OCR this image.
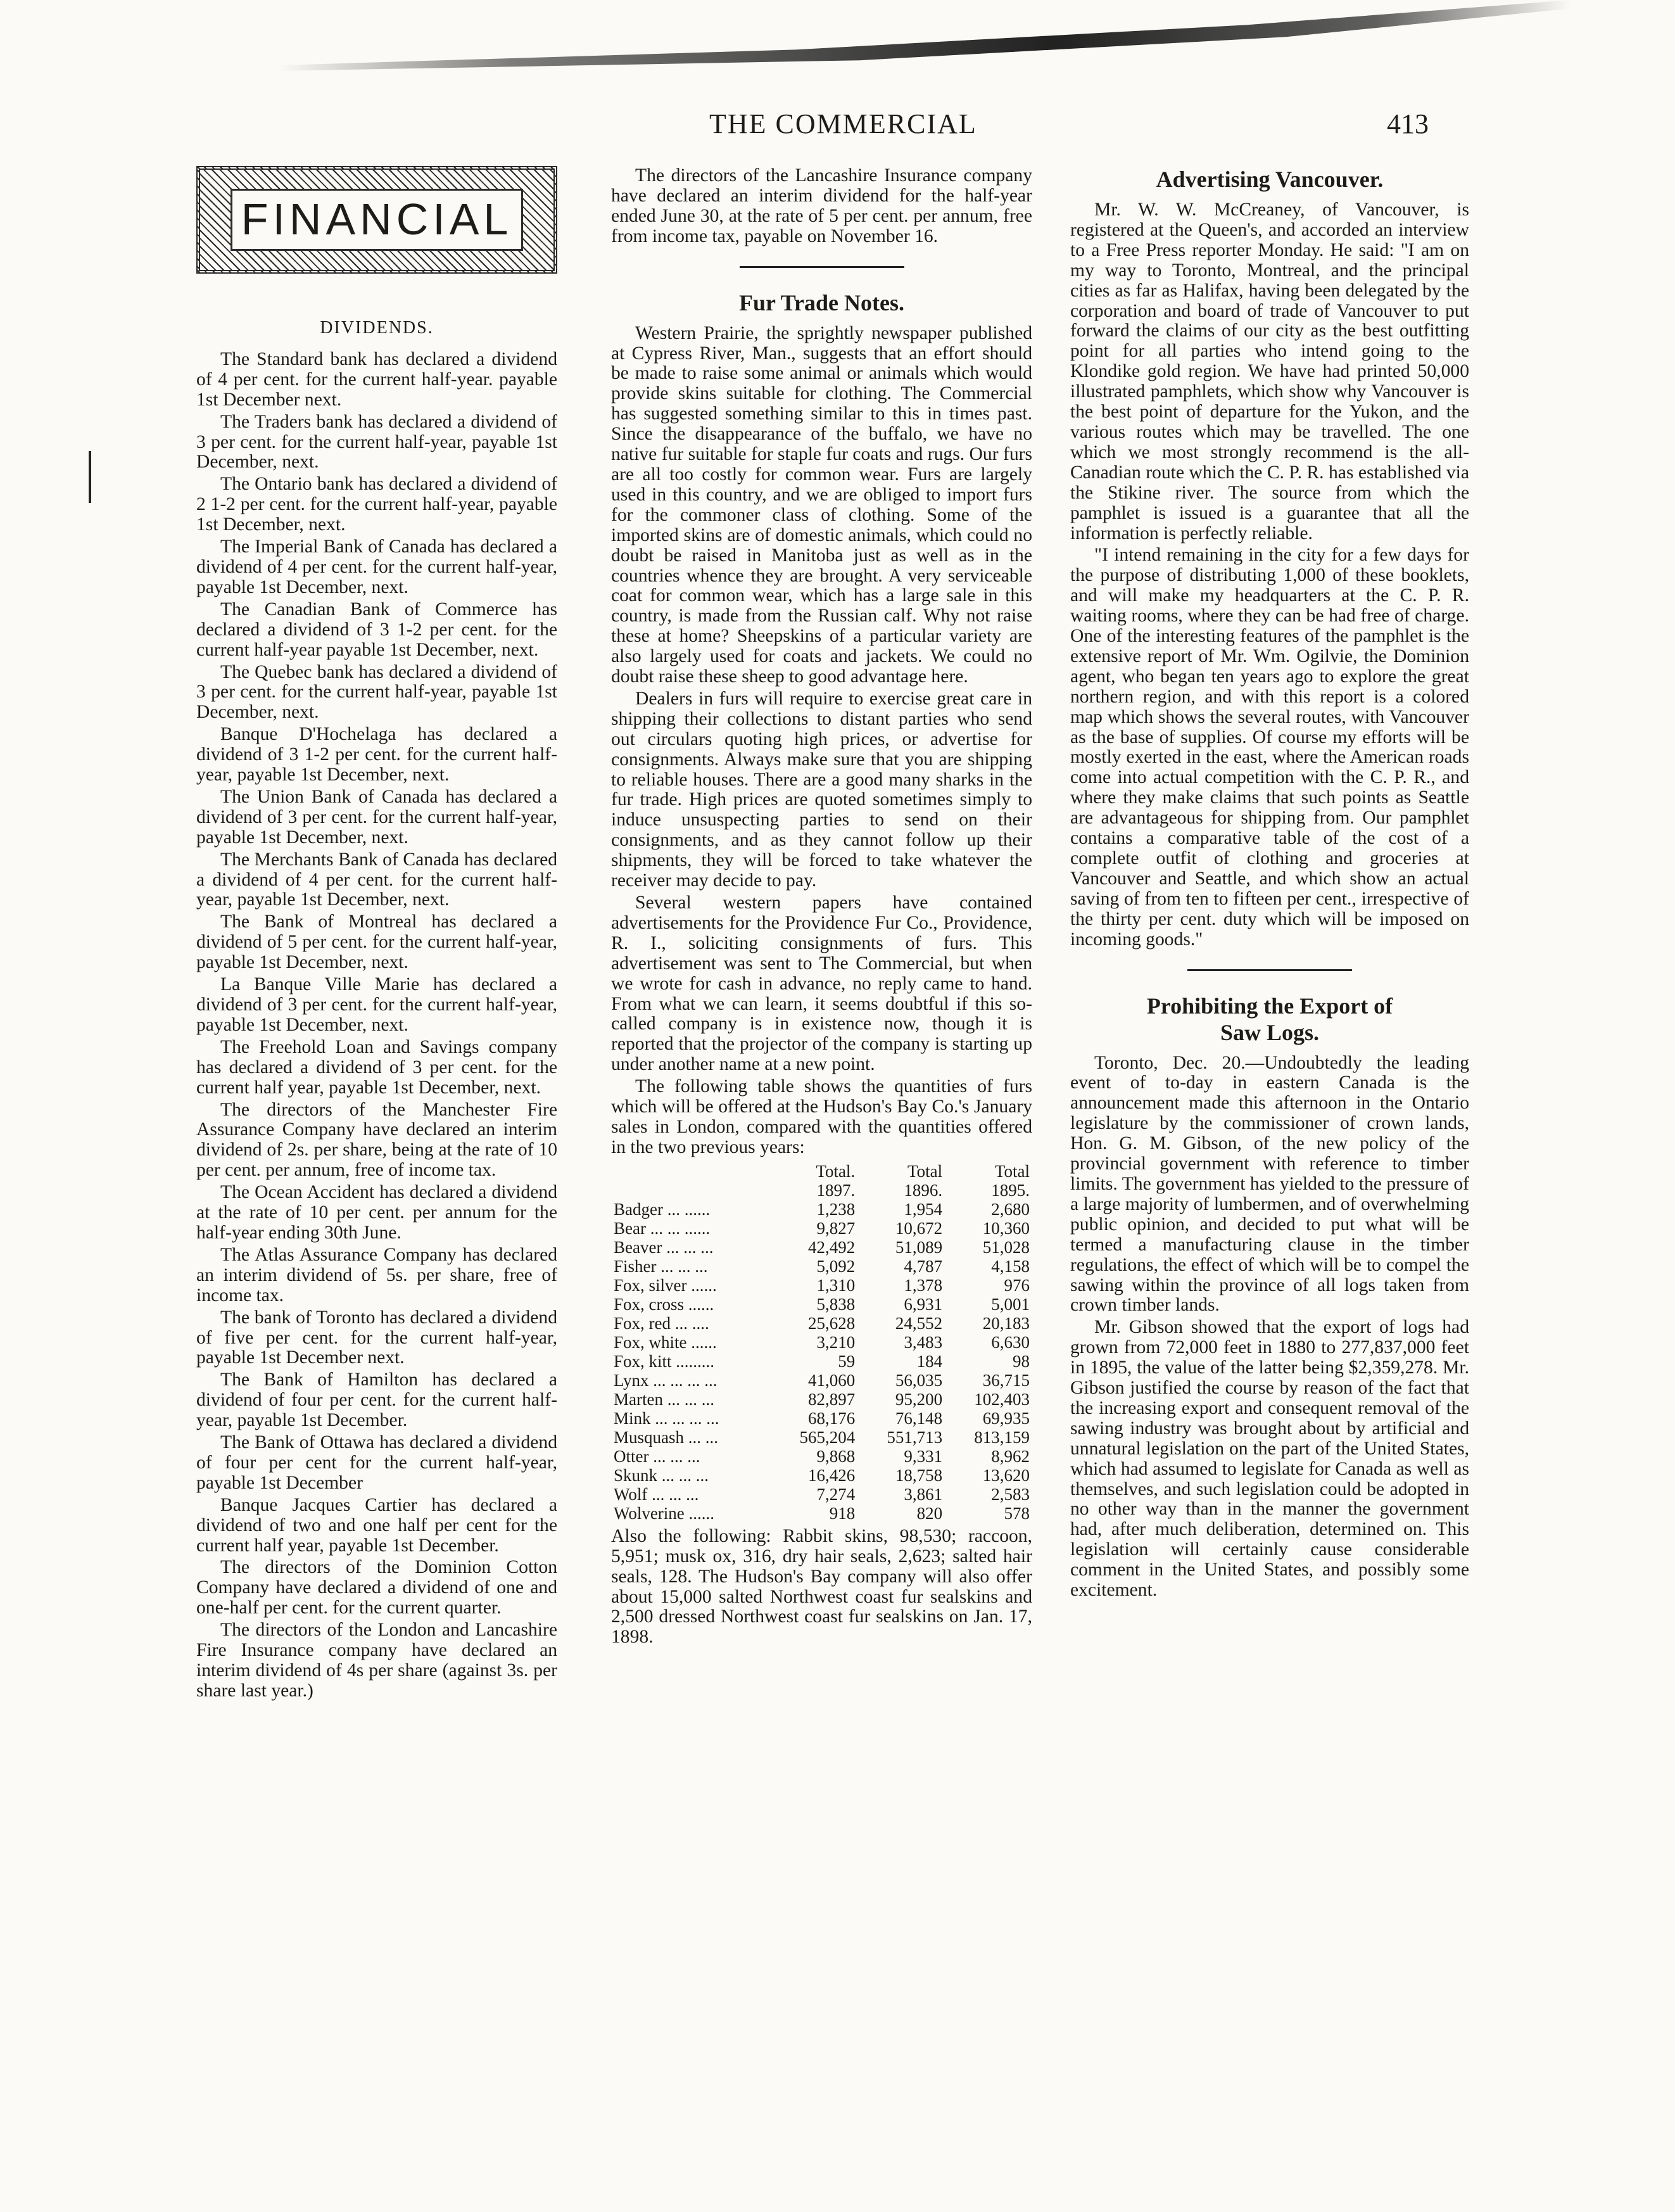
THE COMMERCIAL	413
FINANCIAL
DIVIDENDS.

The Standard bank has declared a dividend of 4 per cent. for the current half-year. payable 1st December next.

The Traders bank has declared a dividend of 3 per cent. for the current half-year, payable 1st December, next.

The Ontario bank has declared a dividend of 2 1-2 per cent. for the current half-year, payable 1st December, next.

The Imperial Bank of Canada has declared a dividend of 4 per cent. for the current half-year, payable 1st December, next.

The Canadian Bank of Commerce has declared a dividend of 3 1-2 per cent. for the current half-year payable 1st December, next.

The Quebec bank has declared a dividend of 3 per cent. for the current half-year, payable 1st December, next.

Banque D'Hochelaga has declared a dividend of 3 1-2 per cent. for the current half-year, payable 1st December, next.

The Union Bank of Canada has declared a dividend of 3 per cent. for the current half-year, payable 1st December, next.

The Merchants Bank of Canada has declared a dividend of 4 per cent. for the current half-year, payable 1st December, next.

The Bank of Montreal has declared a dividend of 5 per cent. for the current half-year, payable 1st December, next.

La Banque Ville Marie has declared a dividend of 3 per cent. for the current half-year, payable 1st December, next.

The Freehold Loan and Savings company has declared a dividend of 3 per cent. for the current half year, payable 1st December, next.

The directors of the Manchester Fire Assurance Company have declared an interim dividend of 2s. per share, being at the rate of 10 per cent. per annum, free of income tax.

The Ocean Accident has declared a dividend at the rate of 10 per cent. per annum for the half-year ending 30th June.

The Atlas Assurance Company has declared an interim dividend of 5s. per share, free of income tax.

The bank of Toronto has declared a dividend of five per cent. for the current half-year, payable 1st December next.

The Bank of Hamilton has declared a dividend of four per cent. for the current half-year, payable 1st December.

The Bank of Ottawa has declared a dividend of four per cent for the current half-year, payable 1st December

Banque Jacques Cartier has declared a dividend of two and one half per cent for the current half year, payable 1st December.

The directors of the Dominion Cotton Company have declared a dividend of one and one-half per cent. for the current quarter.

The directors of the London and Lancashire Fire Insurance company have declared an interim dividend of 4s per share (against 3s. per share last year.)

The directors of the Lancashire Insurance company have declared an interim dividend for the half-year ended June 30, at the rate of 5 per cent. per annum, free from income tax, payable on November 16.

Fur Trade Notes.

Western Prairie, the sprightly newspaper published at Cypress River, Man., suggests that an effort should be made to raise some animal or animals which would provide skins suitable for clothing. The Commercial has suggested something similar to this in times past. Since the disappearance of the buffalo, we have no native fur suitable for staple fur coats and rugs. Our furs are all too costly for common wear. Furs are largely used in this country, and we are obliged to import furs for the commoner class of clothing. Some of the imported skins are of domestic animals, which could no doubt be raised in Manitoba just as well as in the countries whence they are brought. A very serviceable coat for common wear, which has a large sale in this country, is made from the Russian calf. Why not raise these at home? Sheepskins of a particular variety are also largely used for coats and jackets. We could no doubt raise these sheep to good advantage here.

Dealers in furs will require to exercise great care in shipping their collections to distant parties who send out circulars quoting high prices, or advertise for consignments. Always make sure that you are shipping to reliable houses. There are a good many sharks in the fur trade. High prices are quoted sometimes simply to induce unsuspecting parties to send on their consignments, and as they cannot follow up their shipments, they will be forced to take whatever the receiver may decide to pay.

Several western papers have contained advertisements for the Providence Fur Co., Providence, R. I., soliciting consignments of furs. This advertisement was sent to The Commercial, but when we wrote for cash in advance, no reply came to hand. From what we can learn, it seems doubtful if this so-called company is in existence now, though it is reported that the projector of the company is starting up under another name at a new point.

The following table shows the quantities of furs which will be offered at the Hudson's Bay Co.'s January sales in London, compared with the quantities offered in the two previous years:

	Total.	Total	Total
	1897.	1896.	1895.
Badger ... ......	1,238	1,954	2,680
Bear ... ... ......	9,827	10,672	10,360
Beaver ... ... ...	42,492	51,089	51,028
Fisher ... ... ...	5,092	4,787	4,158
Fox, silver ......	1,310	1,378	976
Fox, cross ......	5,838	6,931	5,001
Fox, red ... ....	25,628	24,552	20,183
Fox, white ......	3,210	3,483	6,630
Fox, kitt .........	59	184	98
Lynx ... ... ... ...	41,060	56,035	36,715
Marten ... ... ...	82,897	95,200	102,403
Mink ... ... ... ...	68,176	76,148	69,935
Musquash ... ...	565,204	551,713	813,159
Otter ... ... ...	9,868	9,331	8,962
Skunk ... ... ...	16,426	18,758	13,620
Wolf ... ... ...	7,274	3,861	2,583
Wolverine ......	918	820	578

Also the following: Rabbit skins, 98,530; raccoon, 5,951; musk ox, 316, dry hair seals, 2,623; salted hair seals, 128. The Hudson's Bay company will also offer about 15,000 salted Northwest coast fur sealskins and 2,500 dressed Northwest coast fur sealskins on Jan. 17, 1898.

Advertising Vancouver.

Mr. W. W. McCreaney, of Vancouver, is registered at the Queen's, and accorded an interview to a Free Press reporter Monday. He said: "I am on my way to Toronto, Montreal, and the principal cities as far as Halifax, having been delegated by the corporation and board of trade of Vancouver to put forward the claims of our city as the best outfitting point for all parties who intend going to the Klondike gold region. We have had printed 50,000 illustrated pamphlets, which show why Vancouver is the best point of departure for the Yukon, and the various routes which may be travelled. The one which we most strongly recommend is the all-Canadian route which the C. P. R. has established via the Stikine river. The source from which the pamphlet is issued is a guarantee that all the information is perfectly reliable.

"I intend remaining in the city for a few days for the purpose of distributing 1,000 of these booklets, and will make my headquarters at the C. P. R. waiting rooms, where they can be had free of charge. One of the interesting features of the pamphlet is the extensive report of Mr. Wm. Ogilvie, the Dominion agent, who began ten years ago to explore the great northern region, and with this report is a colored map which shows the several routes, with Vancouver as the base of supplies. Of course my efforts will be mostly exerted in the east, where the American roads come into actual competition with the C. P. R., and where they make claims that such points as Seattle are advantageous for shipping from. Our pamphlet contains a comparative table of the cost of a complete outfit of clothing and groceries at Vancouver and Seattle, and which show an actual saving of from ten to fifteen per cent., irrespective of the thirty per cent. duty which will be imposed on incoming goods."

Prohibiting the Export of
Saw Logs.

Toronto, Dec. 20.—Undoubtedly the leading event of to-day in eastern Canada is the announcement made this afternoon in the Ontario legislature by the commissioner of crown lands, Hon. G. M. Gibson, of the new policy of the provincial government with reference to timber limits. The government has yielded to the pressure of a large majority of lumbermen, and of overwhelming public opinion, and decided to put what will be termed a manufacturing clause in the timber regulations, the effect of which will be to compel the sawing within the province of all logs taken from crown timber lands.

Mr. Gibson showed that the export of logs had grown from 72,000 feet in 1880 to 277,837,000 feet in 1895, the value of the latter being $2,359,278. Mr. Gibson justified the course by reason of the fact that the increasing export and consequent removal of the sawing industry was brought about by artificial and unnatural legislation on the part of the United States, which had assumed to legislate for Canada as well as themselves, and such legislation could be adopted in no other way than in the manner the government had, after much deliberation, determined on. This legislation will certainly cause considerable comment in the United States, and possibly some excitement.
